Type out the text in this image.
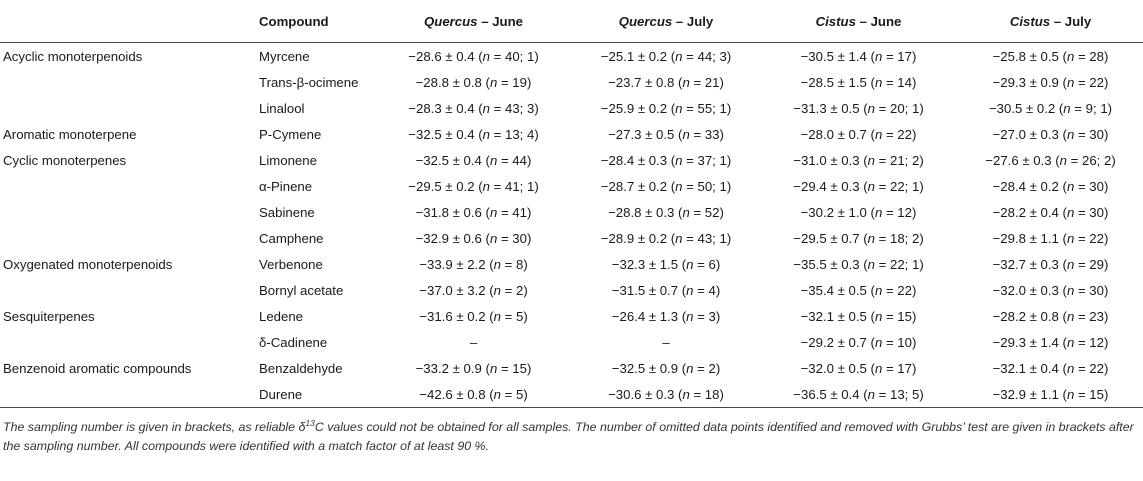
	Compound	Quercus – June	Quercus – July	Cistus – June	Cistus – July
Acyclic monoterpenoids	Myrcene	−28.6 ± 0.4 (n = 40; 1)	−25.1 ± 0.2 (n = 44; 3)	−30.5 ± 1.4 (n = 17)	−25.8 ± 0.5 (n = 28)
	Trans-β-ocimene	−28.8 ± 0.8 (n = 19)	−23.7 ± 0.8 (n = 21)	−28.5 ± 1.5 (n = 14)	−29.3 ± 0.9 (n = 22)
	Linalool	−28.3 ± 0.4 (n = 43; 3)	−25.9 ± 0.2 (n = 55; 1)	−31.3 ± 0.5 (n = 20; 1)	−30.5 ± 0.2 (n = 9; 1)
Aromatic monoterpene	P-Cymene	−32.5 ± 0.4 (n = 13; 4)	−27.3 ± 0.5 (n = 33)	−28.0 ± 0.7 (n = 22)	−27.0 ± 0.3 (n = 30)
Cyclic monoterpenes	Limonene	−32.5 ± 0.4 (n = 44)	−28.4 ± 0.3 (n = 37; 1)	−31.0 ± 0.3 (n = 21; 2)	−27.6 ± 0.3 (n = 26; 2)
	α-Pinene	−29.5 ± 0.2 (n = 41; 1)	−28.7 ± 0.2 (n = 50; 1)	−29.4 ± 0.3 (n = 22; 1)	−28.4 ± 0.2 (n = 30)
	Sabinene	−31.8 ± 0.6 (n = 41)	−28.8 ± 0.3 (n = 52)	−30.2 ± 1.0 (n = 12)	−28.2 ± 0.4 (n = 30)
	Camphene	−32.9 ± 0.6 (n = 30)	−28.9 ± 0.2 (n = 43; 1)	−29.5 ± 0.7 (n = 18; 2)	−29.8 ± 1.1 (n = 22)
Oxygenated monoterpenoids	Verbenone	−33.9 ± 2.2 (n = 8)	−32.3 ± 1.5 (n = 6)	−35.5 ± 0.3 (n = 22; 1)	−32.7 ± 0.3 (n = 29)
	Bornyl acetate	−37.0 ± 3.2 (n = 2)	−31.5 ± 0.7 (n = 4)	−35.4 ± 0.5 (n = 22)	−32.0 ± 0.3 (n = 30)
Sesquiterpenes	Ledene	−31.6 ± 0.2 (n = 5)	−26.4 ± 1.3 (n = 3)	−32.1 ± 0.5 (n = 15)	−28.2 ± 0.8 (n = 23)
	δ-Cadinene	–	–	−29.2 ± 0.7 (n = 10)	−29.3 ± 1.4 (n = 12)
Benzenoid aromatic compounds	Benzaldehyde	−33.2 ± 0.9 (n = 15)	−32.5 ± 0.9 (n = 2)	−32.0 ± 0.5 (n = 17)	−32.1 ± 0.4 (n = 22)
	Durene	−42.6 ± 0.8 (n = 5)	−30.6 ± 0.3 (n = 18)	−36.5 ± 0.4 (n = 13; 5)	−32.9 ± 1.1 (n = 15)
The sampling number is given in brackets, as reliable $\delta^{13}C$ values could not be obtained for all samples. The number of omitted data points identified and removed with Grubbs’ test are given in brackets after the sampling number. All compounds were identified with a match factor of at least 90 %.
